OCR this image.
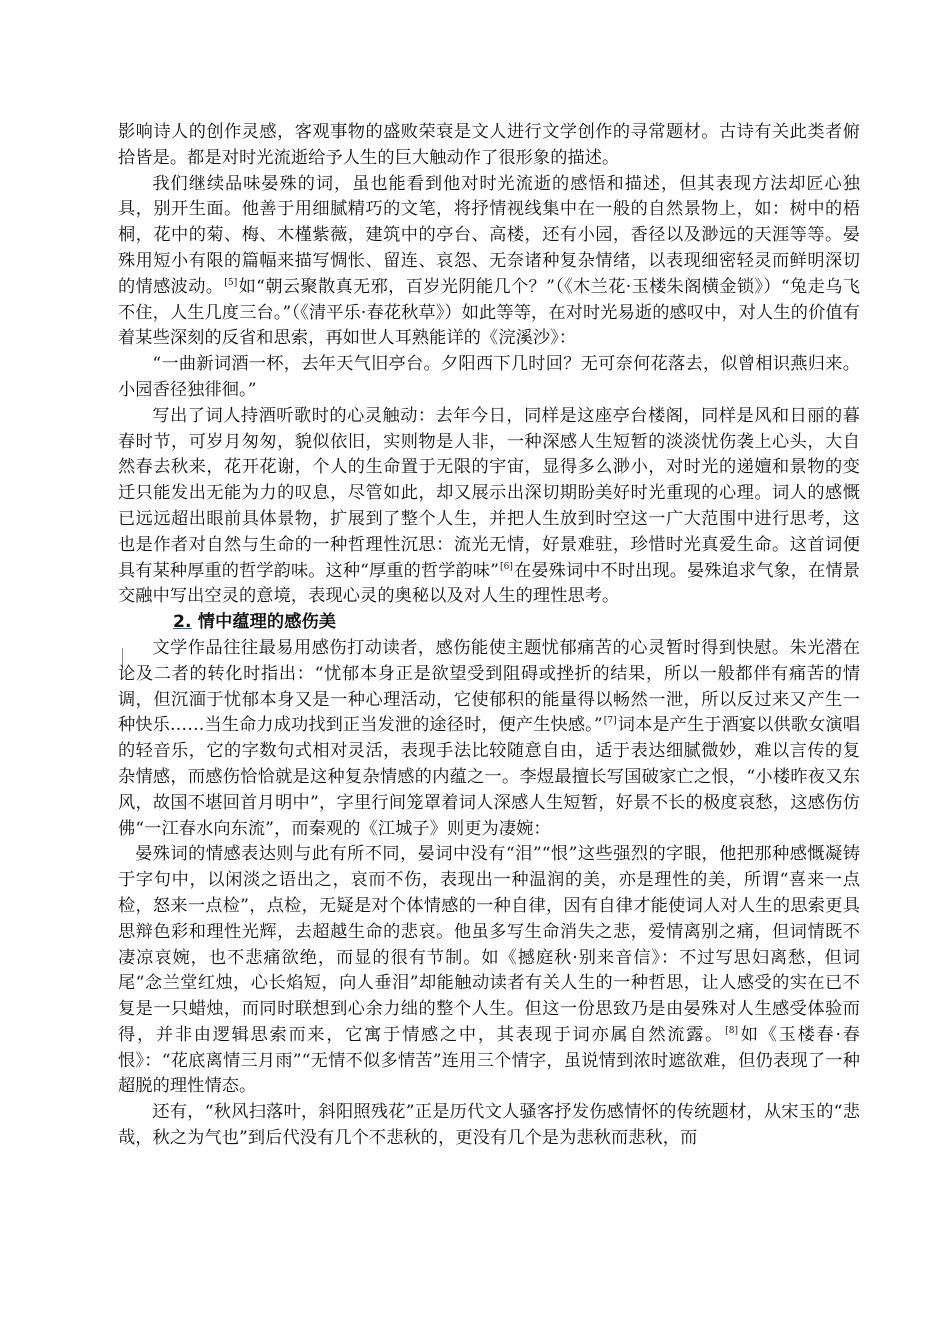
影响诗人的创作灵感，客观事物的盛败荣衰是文人进行文学创作的寻常题材。古诗有关此类者俯拾皆是。都是对时光流逝给予人生的巨大触动作了很形象的描述。

我们继续品味晏殊的词，虽也能看到他对时光流逝的感悟和描述，但其表现方法却匠心独具，别开生面。他善于用细腻精巧的文笔，将抒情视线集中在一般的自然景物上，如：树中的梧桐，花中的菊、梅、木槿紫薇，建筑中的亭台、高楼，还有小园，香径以及渺远的天涯等等。晏殊用短小有限的篇幅来描写惆怅、留连、哀怨、无奈诸种复杂情绪，以表现细密轻灵而鲜明深切的情感波动。[5]如“朝云聚散真无邪，百岁光阴能几个？”（《木兰花·玉楼朱阁横金锁》）“兔走乌飞不住，人生几度三台。”（《清平乐·春花秋草》）如此等等，在对时光易逝的感叹中，对人生的价值有着某些深刻的反省和思索，再如世人耳熟能详的《浣溪沙》：

“一曲新词酒一杯，去年天气旧亭台。夕阳西下几时回？无可奈何花落去，似曾相识燕归来。小园香径独徘徊。”

写出了词人持酒听歌时的心灵触动：去年今日，同样是这座亭台楼阁，同样是风和日丽的暮春时节，可岁月匆匆，貌似依旧，实则物是人非，一种深感人生短暂的淡淡忧伤袭上心头，大自然春去秋来，花开花谢，个人的生命置于无限的宇宙，显得多么渺小，对时光的递嬗和景物的变迁只能发出无能为力的叹息，尽管如此，却又展示出深切期盼美好时光重现的心理。词人的感慨已远远超出眼前具体景物，扩展到了整个人生，并把人生放到时空这一广大范围中进行思考，这也是作者对自然与生命的一种哲理性沉思：流光无情，好景难驻，珍惜时光真爱生命。这首词便具有某种厚重的哲学韵味。这种“厚重的哲学韵味”[6]在晏殊词中不时出现。晏殊追求气象，在情景交融中写出空灵的意境，表现心灵的奥秘以及对人生的理性思考。

2. 情中蕴理的感伤美

文学作品往往最易用感伤打动读者，感伤能使主题忧郁痛苦的心灵暂时得到快慰。朱光潜在论及二者的转化时指出：“忧郁本身正是欲望受到阻碍或挫折的结果，所以一般都伴有痛苦的情调，但沉湎于忧郁本身又是一种心理活动，它使郁积的能量得以畅然一泄，所以反过来又产生一种快乐……当生命力成功找到正当发泄的途径时，便产生快感。”[7]词本是产生于酒宴以供歌女演唱的轻音乐，它的字数句式相对灵活，表现手法比较随意自由，适于表达细腻微妙，难以言传的复杂情感，而感伤恰恰就是这种复杂情感的内蕴之一。李煜最擅长写国破家亡之恨，“小楼昨夜又东风，故国不堪回首月明中”，字里行间笼罩着词人深感人生短暂，好景不长的极度哀愁，这感伤仿佛“一江春水向东流”，而秦观的《江城子》则更为凄婉：

晏殊词的情感表达则与此有所不同，晏词中没有“泪”“恨”这些强烈的字眼，他把那种感慨凝铸于字句中，以闲淡之语出之，哀而不伤，表现出一种温润的美，亦是理性的美，所谓“喜来一点检，怒来一点检”，点检，无疑是对个体情感的一种自律，因有自律才能使词人对人生的思索更具思辩色彩和理性光辉，去超越生命的悲哀。他虽多写生命消失之悲，爱情离别之痛，但词情既不凄凉哀婉，也不悲痛欲绝，而显的很有节制。如《撼庭秋·别来音信》：不过写思妇离愁，但词尾“念兰堂红烛，心长焰短，向人垂泪”却能触动读者有关人生的一种哲思，让人感受的实在已不复是一只蜡烛，而同时联想到心余力绌的整个人生。但这一份思致乃是由晏殊对人生感受体验而得，并非由逻辑思索而来，它寓于情感之中，其表现于词亦属自然流露。[8]如《玉楼春·春恨》：“花底离情三月雨”“无情不似多情苦”连用三个情字，虽说情到浓时遮欲难，但仍表现了一种超脱的理性情态。

还有，“秋风扫落叶，斜阳照残花”正是历代文人骚客抒发伤感情怀的传统题材，从宋玉的“悲哉，秋之为气也”到后代没有几个不悲秋的，更没有几个是为悲秋而悲秋，而
